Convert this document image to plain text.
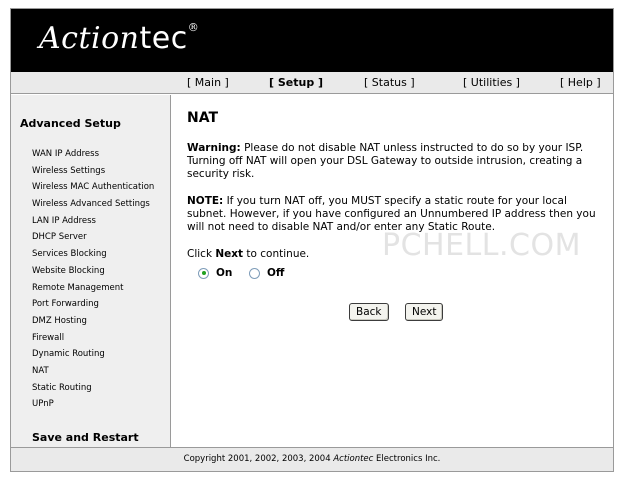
Actiontec®
[ Main ]	[ Setup ]	[ Status ]	[ Utilities ]	[ Help ]
Advanced Setup
WAN IP Address
Wireless Settings
Wireless MAC Authentication
Wireless Advanced Settings
LAN IP Address
DHCP Server
Services Blocking
Website Blocking
Remote Management
Port Forwarding
DMZ Hosting
Firewall
Dynamic Routing
NAT
Static Routing
UPnP
Save and Restart
NAT
PCHELL.COM
Warning: Please do not disable NAT unless instructed to do so by your ISP. Turning off NAT will open your DSL Gateway to outside intrusion, creating a security risk.
NOTE: If you turn NAT off, you MUST specify a static route for your local subnet. However, if you have configured an Unnumbered IP address then you will not need to disable NAT and/or enter any Static Route.
Click Next to continue.
On	Off
Back	Next
Copyright 2001, 2002, 2003, 2004 Actiontec Electronics Inc.
